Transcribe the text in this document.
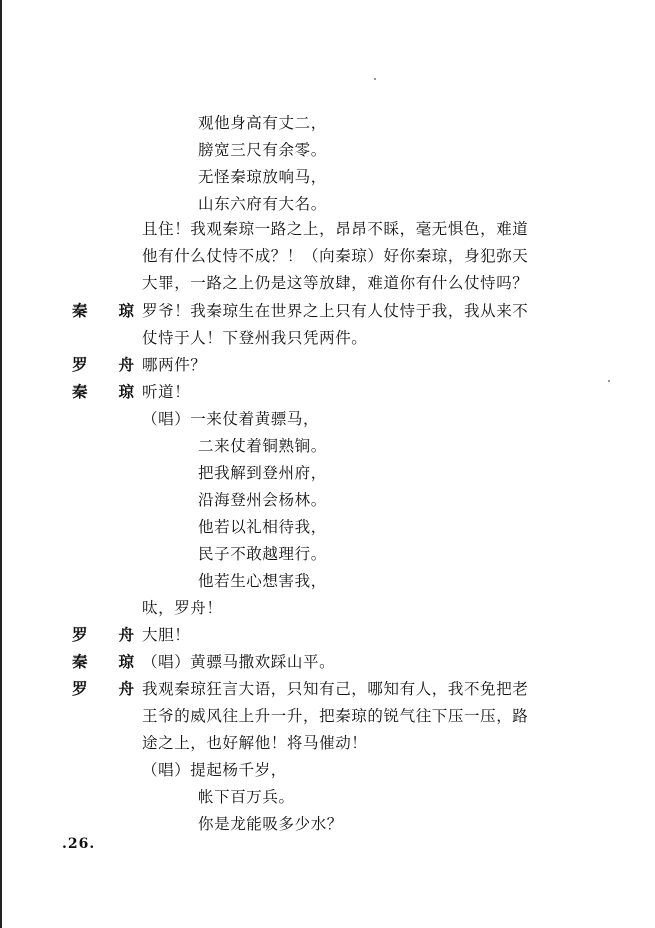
观他身高有丈二，
膀宽三尺有余零。
无怪秦琼放响马，
山东六府有大名。
且住！我观秦琼一路之上，昂昂不睬，毫无惧色，难道
他有什么仗恃不成？！（向秦琼）好你秦琼，身犯弥天
大罪，一路之上仍是这等放肆，难道你有什么仗恃吗？
秦 琼 罗爷！我秦琼生在世界之上只有人仗恃于我，我从来不
仗恃于人！下登州我只凭两件。
罗 舟 哪两件？
秦 琼 听道！
（唱）一来仗着黄骠马，
二来仗着铜熟锏。
把我解到登州府，
沿海登州会杨林。
他若以礼相待我，
民子不敢越理行。
他若生心想害我，
呔，罗舟！
罗 舟 大胆！
秦 琼 （唱）黄骠马撒欢踩山平。
罗 舟 我观秦琼狂言大语，只知有己，哪知有人，我不免把老
王爷的威风往上升一升，把秦琼的锐气往下压一压，路
途之上，也好解他！将马催动！
（唱）提起杨千岁，
帐下百万兵。
你是龙能吸多少水？
.26.
